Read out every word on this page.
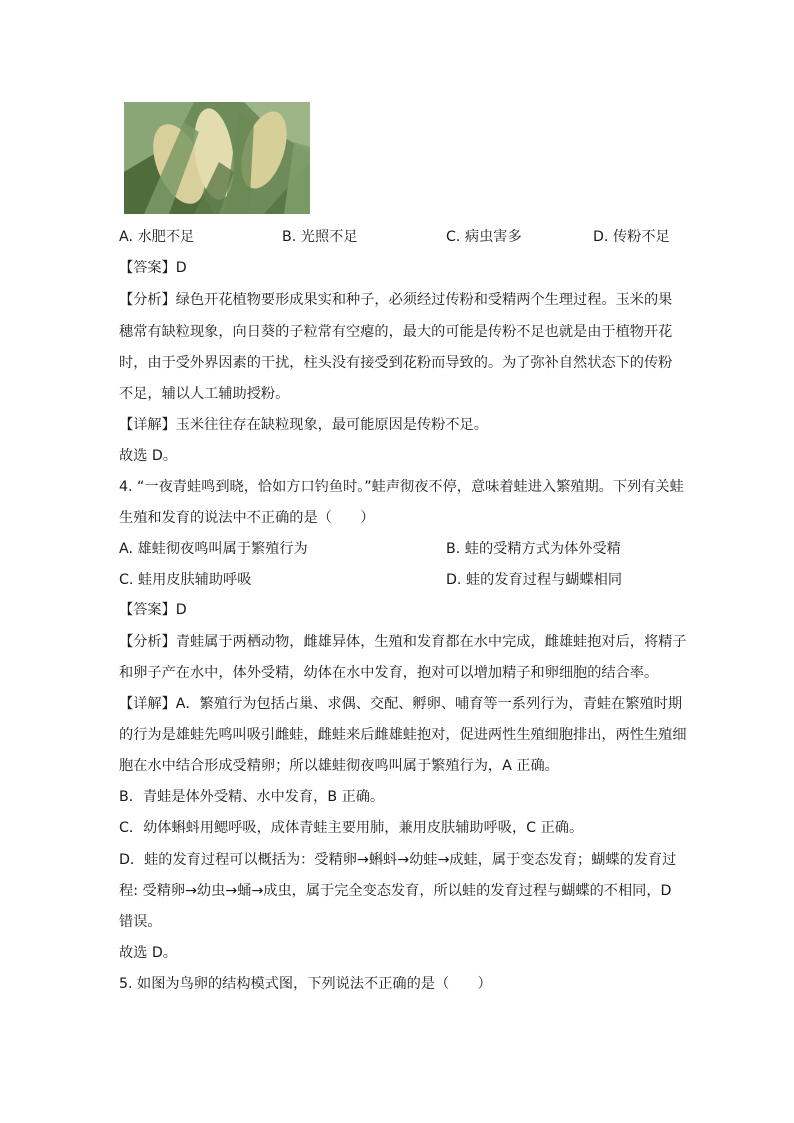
A. 水肥不足	B. 光照不足	C. 病虫害多	D. 传粉不足
【答案】D
【分析】绿色开花植物要形成果实和种子，必须经过传粉和受精两个生理过程。玉米的果
穗常有缺粒现象，向日葵的子粒常有空瘪的，最大的可能是传粉不足也就是由于植物开花
时，由于受外界因素的干扰，柱头没有接受到花粉而导致的。为了弥补自然状态下的传粉
不足，辅以人工辅助授粉。
【详解】玉米往往存在缺粒现象，最可能原因是传粉不足。
故选 D。
4. “一夜青蛙鸣到晓，恰如方口钓鱼时。”蛙声彻夜不停，意味着蛙进入繁殖期。下列有关蛙
生殖和发育的说法中不正确的是（　　）
A. 雄蛙彻夜鸣叫属于繁殖行为	B. 蛙的受精方式为体外受精
C. 蛙用皮肤辅助呼吸	D. 蛙的发育过程与蝴蝶相同
【答案】D
【分析】青蛙属于两栖动物，雌雄异体，生殖和发育都在水中完成，雌雄蛙抱对后，将精子
和卵子产在水中，体外受精，幼体在水中发育，抱对可以增加精子和卵细胞的结合率。
【详解】A．繁殖行为包括占巢、求偶、交配、孵卵、哺育等一系列行为，青蛙在繁殖时期
的行为是雄蛙先鸣叫吸引雌蛙，雌蛙来后雌雄蛙抱对，促进两性生殖细胞排出，两性生殖细
胞在水中结合形成受精卵；所以雄蛙彻夜鸣叫属于繁殖行为，A 正确。
B．青蛙是体外受精、水中发育，B 正确。
C．幼体蝌蚪用鳃呼吸，成体青蛙主要用肺，兼用皮肤辅助呼吸，C 正确。
D．蛙的发育过程可以概括为：受精卵→蝌蚪→幼蛙→成蛙，属于变态发育；蝴蝶的发育过
程: 受精卵→幼虫→蛹→成虫，属于完全变态发育，所以蛙的发育过程与蝴蝶的不相同，D
错误。
故选 D。
5. 如图为鸟卵的结构模式图，下列说法不正确的是（　　）
